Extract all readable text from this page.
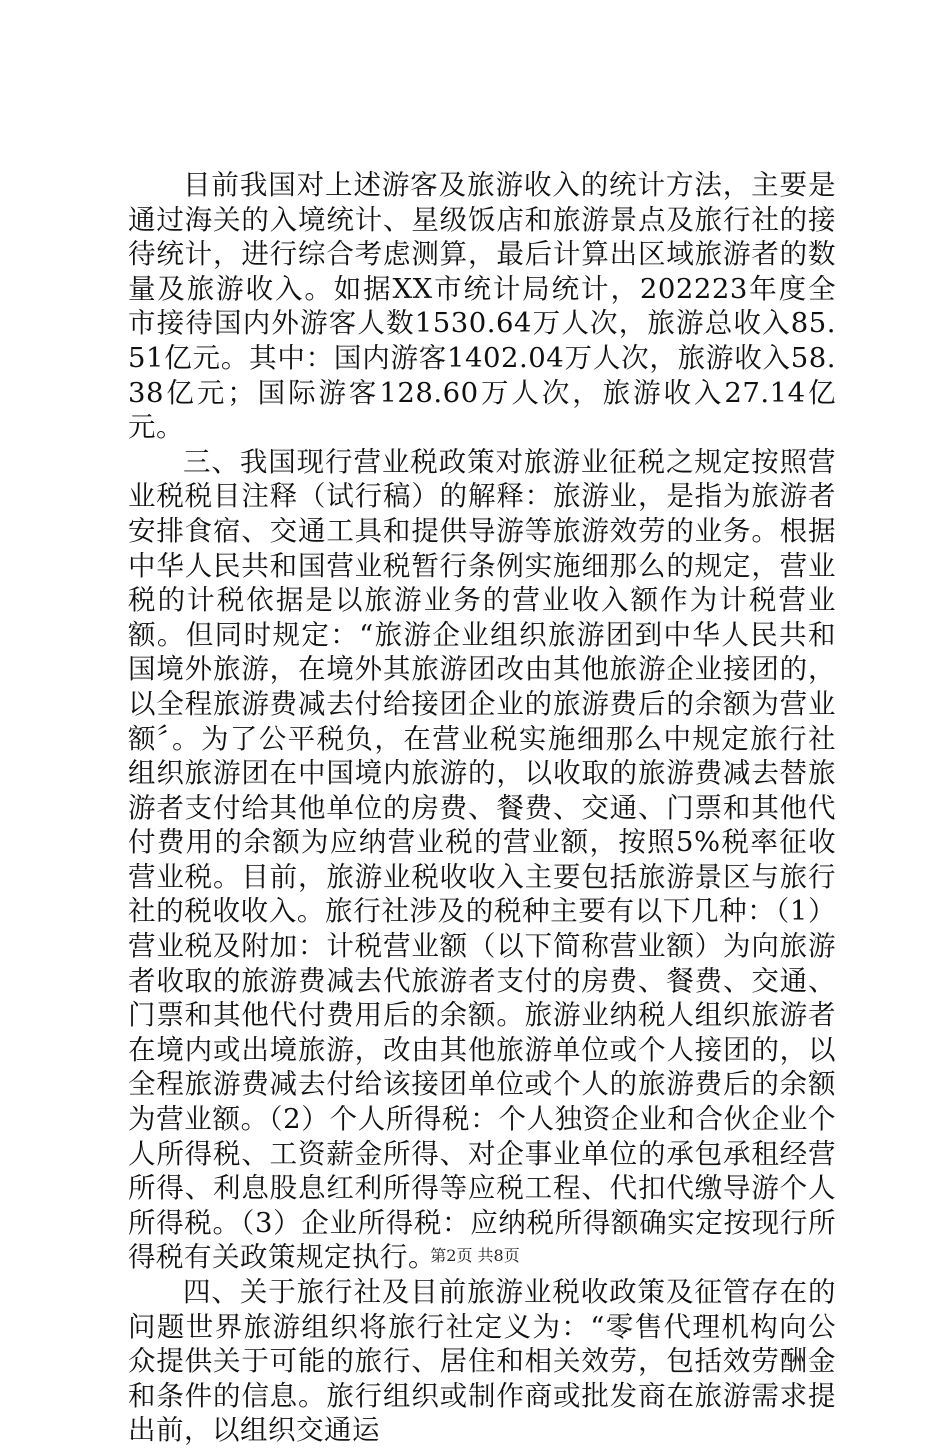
目前我国对上述游客及旅游收入的统计方法，主要是通过海关的入境统计、星级饭店和旅游景点及旅行社的接待统计，进行综合考虑测算，最后计算出区域旅游者的数量及旅游收入。如据XX市统计局统计，202223年度全市接待国内外游客人数1530.64万人次，旅游总收入85.51亿元。其中：国内游客1402.04万人次，旅游收入58.38亿元；国际游客128.60万人次，旅游收入27.14亿元。

三、我国现行营业税政策对旅游业征税之规定按照营业税税目注释（试行稿）的解释：旅游业，是指为旅游者安排食宿、交通工具和提供导游等旅游效劳的业务。根据中华人民共和国营业税暂行条例实施细那么的规定，营业税的计税依据是以旅游业务的营业收入额作为计税营业额。但同时规定：“旅游企业组织旅游团到中华人民共和国境外旅游，在境外其旅游团改由其他旅游企业接团的，以全程旅游费减去付给接团企业的旅游费后的余额为营业额〞。为了公平税负，在营业税实施细那么中规定旅行社组织旅游团在中国境内旅游的，以收取的旅游费减去替旅游者支付给其他单位的房费、餐费、交通、门票和其他代付费用的余额为应纳营业税的营业额，按照5%税率征收营业税。目前，旅游业税收收入主要包括旅游景区与旅行社的税收收入。旅行社涉及的税种主要有以下几种：（1）营业税及附加：计税营业额（以下简称营业额）为向旅游者收取的旅游费减去代旅游者支付的房费、餐费、交通、门票和其他代付费用后的余额。旅游业纳税人组织旅游者在境内或出境旅游，改由其他旅游单位或个人接团的，以全程旅游费减去付给该接团单位或个人的旅游费后的余额为营业额。（2）个人所得税：个人独资企业和合伙企业个人所得税、工资薪金所得、对企事业单位的承包承租经营所得、利息股息红利所得等应税工程、代扣代缴导游个人所得税。（3）企业所得税：应纳税所得额确实定按现行所得税有关政策规定执行。

四、关于旅行社及目前旅游业税收政策及征管存在的问题世界旅游组织将旅行社定义为：“零售代理机构向公众提供关于可能的旅行、居住和相关效劳，包括效劳酬金和条件的信息。旅行组织或制作商或批发商在旅游需求提出前，以组织交通运

第2页 共8页
